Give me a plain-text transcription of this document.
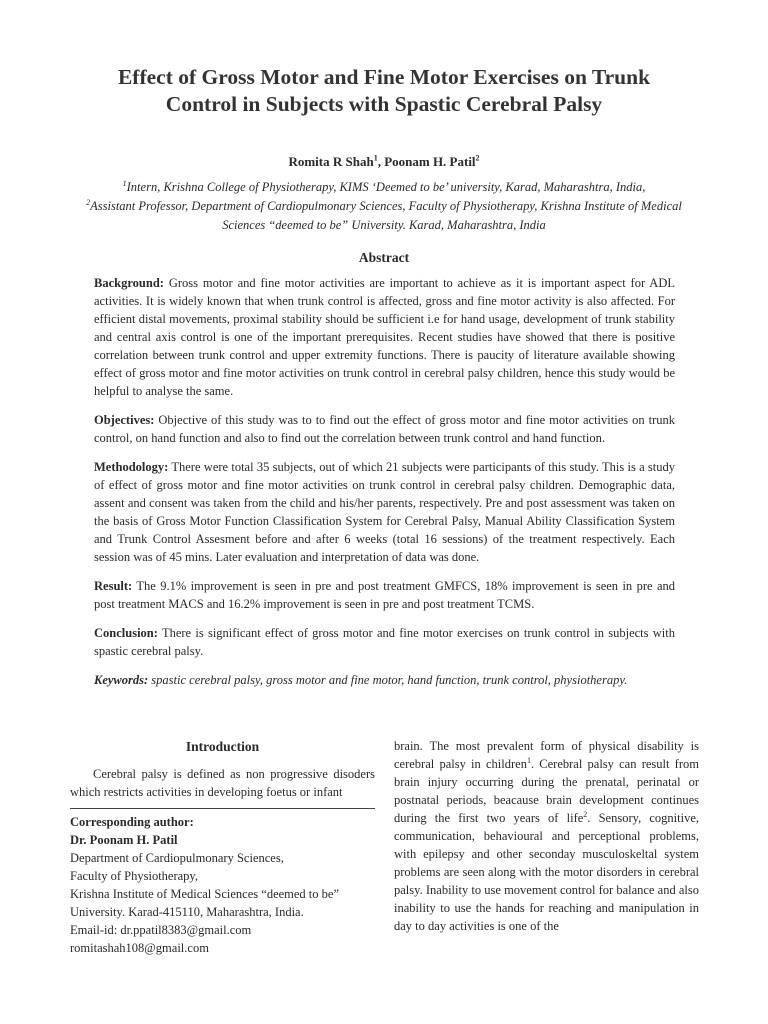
Effect of Gross Motor and Fine Motor Exercises on Trunk
Control in Subjects with Spastic Cerebral Palsy
Romita R Shah$^1$, Poonam H. Patil$^2$
$^1$Intern, Krishna College of Physiotherapy, KIMS ‘Deemed to be’ university, Karad, Maharashtra, India,
$^2$Assistant Professor, Department of Cardiopulmonary Sciences, Faculty of Physiotherapy, Krishna Institute of Medical Sciences “deemed to be” University. Karad, Maharashtra, India
Abstract

Background: Gross motor and fine motor activities are important to achieve as it is important aspect for ADL activities. It is widely known that when trunk control is affected, gross and fine motor activity is also affected. For efficient distal movements, proximal stability should be sufficient i.e for hand usage, development of trunk stability and central axis control is one of the important prerequisites. Recent studies have showed that there is positive correlation between trunk control and upper extremity functions. There is paucity of literature available showing effect of gross motor and fine motor activities on trunk control in cerebral palsy children, hence this study would be helpful to analyse the same.

Objectives: Objective of this study was to to find out the effect of gross motor and fine motor activities on trunk control, on hand function and also to find out the correlation between trunk control and hand function.

Methodology: There were total 35 subjects, out of which 21 subjects were participants of this study. This is a study of effect of gross motor and fine motor activities on trunk control in cerebral palsy children. Demographic data, assent and consent was taken from the child and his/her parents, respectively. Pre and post assessment was taken on the basis of Gross Motor Function Classification System for Cerebral Palsy, Manual Ability Classification System and Trunk Control Assesment before and after 6 weeks (total 16 sessions) of the treatment respectively. Each session was of 45 mins. Later evaluation and interpretation of data was done.

Result: The 9.1% improvement is seen in pre and post treatment GMFCS, 18% improvement is seen in pre and post treatment MACS and 16.2% improvement is seen in pre and post treatment TCMS.

Conclusion: There is significant effect of gross motor and fine motor exercises on trunk control in subjects with spastic cerebral palsy.

Keywords: spastic cerebral palsy, gross motor and fine motor, hand function, trunk control, physiotherapy.

Introduction

Cerebral palsy is defined as non progressive disoders which restricts activities in developing foetus or infant

Corresponding author:
Dr. Poonam H. Patil
Department of Cardiopulmonary Sciences,
Faculty of Physiotherapy,
Krishna Institute of Medical Sciences “deemed to be”
University. Karad-415110, Maharashtra, India.
Email-id: dr.ppatil8383@gmail.com
romitashah108@gmail.com

brain. The most prevalent form of physical disability is cerebral palsy in children$^1$. Cerebral palsy can result from brain injury occurring during the prenatal, perinatal or postnatal periods, beacause brain development continues during the first two years of life$^2$. Sensory, cognitive, communication, behavioural and perceptional problems, with epilepsy and other seconday musculoskeltal system problems are seen along with the motor disorders in cerebral palsy. Inability to use movement control for balance and also inability to use the hands for reaching and manipulation in day to day activities is one of the
